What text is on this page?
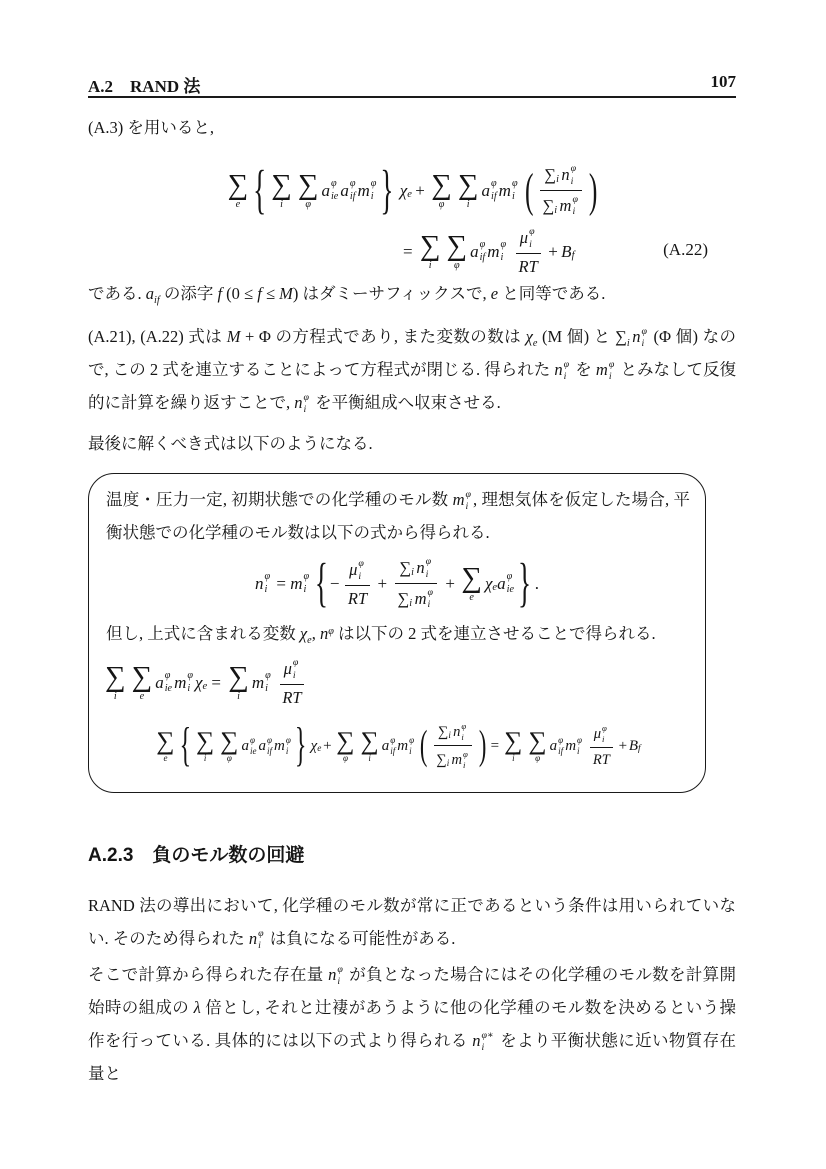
A.2 RAND 法	107
(A.3) を用いると,
∑
e { ∑
i
∑
φ
a φ
ie a φ
if m φ
i } χ e + ∑
φ
∑
i
a φ
if m φ
i ( ∑ i n φ
i
∑ i m φ
i )
= ∑
i
∑
φ
a φ
if m φ
i μ φ
i
RT + B f	(A.22)
である. $a_{if}$ の添字 f (0 ≤ f ≤ M) はダミーサフィックスで, e と同等である.
(A.21), (A.22) 式は M + Φ の方程式であり, また変数の数は $\chi_e$ (M 個) と $\sum_i$ n φ
i (Φ 個) なので, この 2 式を連立することによって方程式が閉じる. 得られた n φ
i を m φ
i とみなして反復的に計算を繰り返すことで, n φ
i を平衡組成へ収束させる.
最後に解くべき式は以下のようになる.
温度・圧力一定, 初期状態での化学種のモル数 m φ
i , 理想気体を仮定した場合, 平衡状態での化学種のモル数は以下の式から得られる.
n φ
i = m φ
i { − μ φ
i
RT + ∑ i n φ
i
∑ i m φ
i + ∑
e
χ e a φ
ie } .
但し, 上式に含まれる変数 $\chi_e$, $n^\varphi$ は以下の 2 式を連立させることで得られる.
∑
i
∑
e
a φ
ie m φ
i χ e = ∑
i
m φ
i μ φ
i
RT
∑
e { ∑
i
∑
φ
a φ
ie a φ
if m φ
i } χ e + ∑
φ
∑
i
a φ
if m φ
i ( ∑ i n φ
i
∑ i m φ
i ) = ∑
i
∑
φ
a φ
if m φ
i μ φ
i
RT + B f
A.2.3 負のモル数の回避
RAND 法の導出において, 化学種のモル数が常に正であるという条件は用いられていない. そのため得られた n φ
i は負になる可能性がある.
そこで計算から得られた存在量 n φ
i が負となった場合にはその化学種のモル数を計算開始時の組成の λ 倍とし, それと辻褄があうように他の化学種のモル数を決めるという操作を行っている. 具体的には以下の式より得られる n φ∗
i をより平衡状態に近い物質存在量と
